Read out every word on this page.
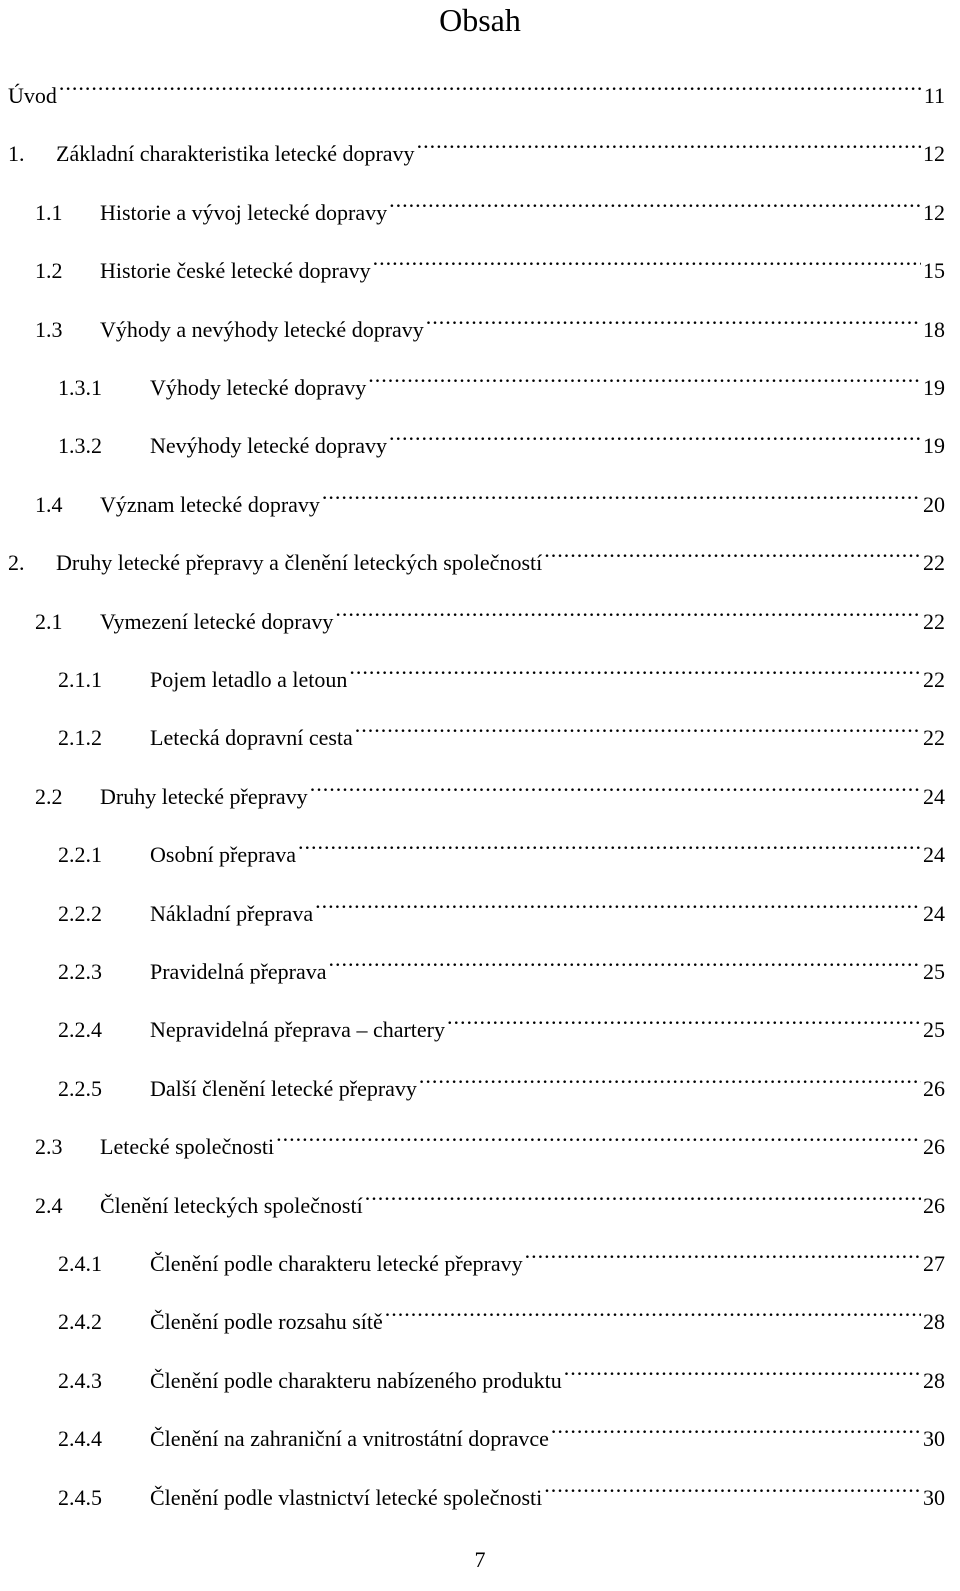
Obsah
Úvod .....	11
1.	Základní charakteristika letecké dopravy .....	12
1.1	Historie a vývoj letecké dopravy .....	12
1.2	Historie české letecké dopravy .....	15
1.3	Výhody a nevýhody letecké dopravy .....	18
1.3.1	Výhody letecké dopravy .....	19
1.3.2	Nevýhody letecké dopravy .....	19
1.4	Význam letecké dopravy .....	20
2.	Druhy letecké přepravy a členění leteckých společností .....	22
2.1	Vymezení letecké dopravy .....	22
2.1.1	Pojem letadlo a letoun .....	22
2.1.2	Letecká dopravní cesta .....	22
2.2	Druhy letecké přepravy .....	24
2.2.1	Osobní přeprava .....	24
2.2.2	Nákladní přeprava .....	24
2.2.3	Pravidelná přeprava .....	25
2.2.4	Nepravidelná přeprava – chartery .....	25
2.2.5	Další členění letecké přepravy .....	26
2.3	Letecké společnosti .....	26
2.4	Členění leteckých společností .....	26
2.4.1	Členění podle charakteru letecké přepravy .....	27
2.4.2	Členění podle rozsahu sítě .....	28
2.4.3	Členění podle charakteru nabízeného produktu .....	28
2.4.4	Členění na zahraniční a vnitrostátní dopravce .....	30
2.4.5	Členění podle vlastnictví letecké společnosti .....	30
7
